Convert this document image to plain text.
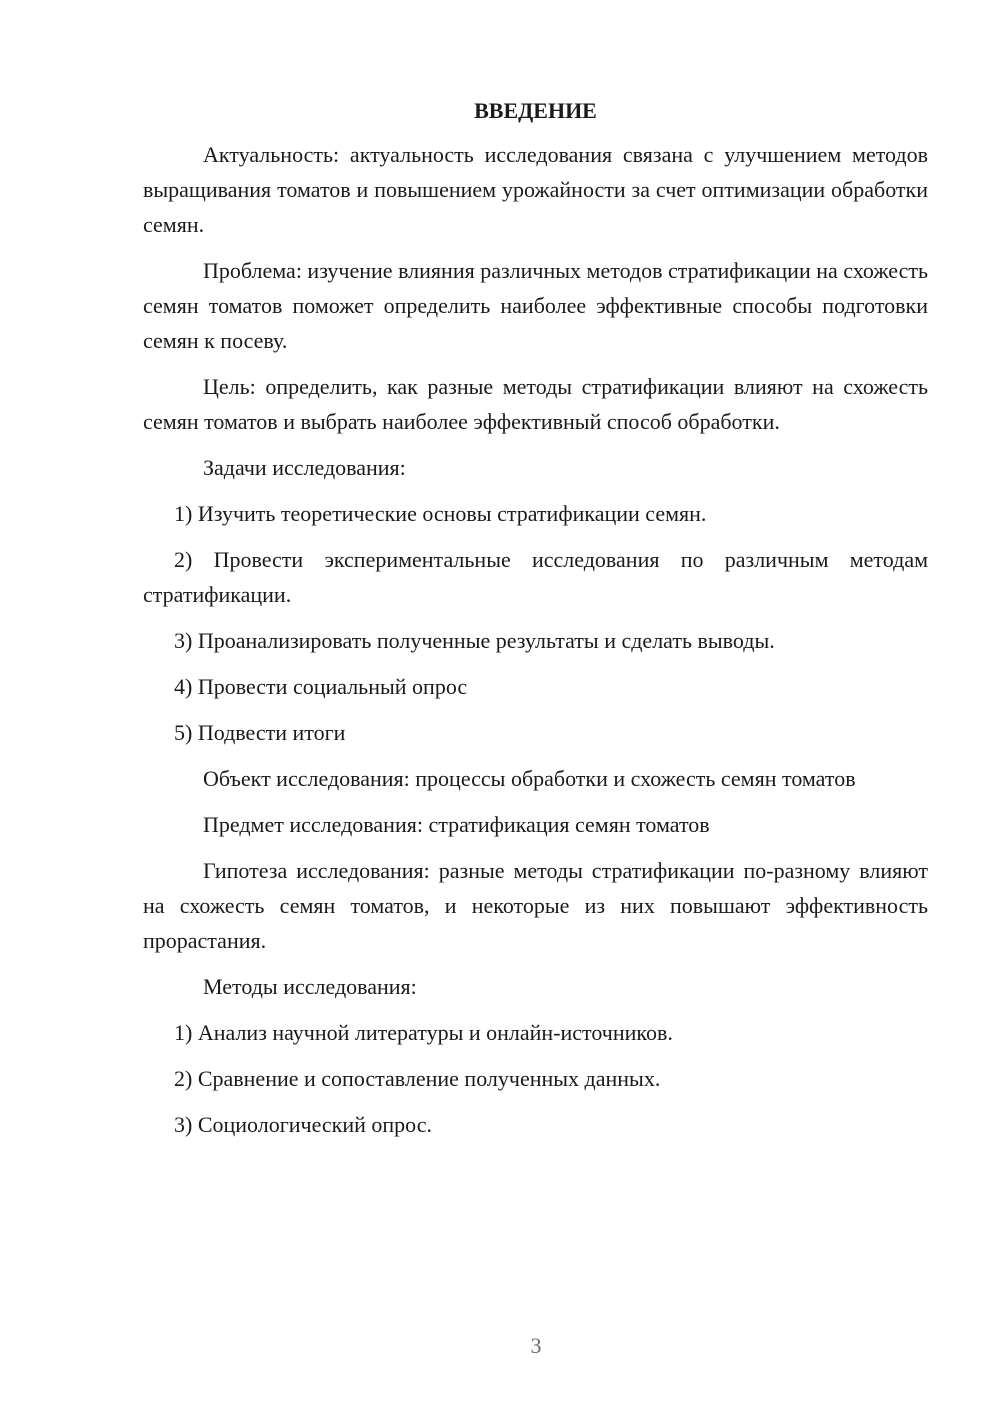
ВВЕДЕНИЕ

Актуальность: актуальность исследования связана с улучшением методов выращивания томатов и повышением урожайности за счет оптимизации обработки семян.

Проблема: изучение влияния различных методов стратификации на схожесть семян томатов поможет определить наиболее эффективные способы подготовки семян к посеву.

Цель: определить, как разные методы стратификации влияют на схожесть семян томатов и выбрать наиболее эффективный способ обработки.

Задачи исследования:

1) Изучить теоретические основы стратификации семян.

2) Провести экспериментальные исследования по различным методам стратификации.

3) Проанализировать полученные результаты и сделать выводы.

4) Провести социальный опрос

5) Подвести итоги

Объект исследования: процессы обработки и схожесть семян томатов

Предмет исследования: стратификация семян томатов

Гипотеза исследования: разные методы стратификации по-разному влияют на схожесть семян томатов, и некоторые из них повышают эффективность прорастания.

Методы исследования:

1) Анализ научной литературы и онлайн-источников.

2) Сравнение и сопоставление полученных данных.

3) Социологический опрос.

3
